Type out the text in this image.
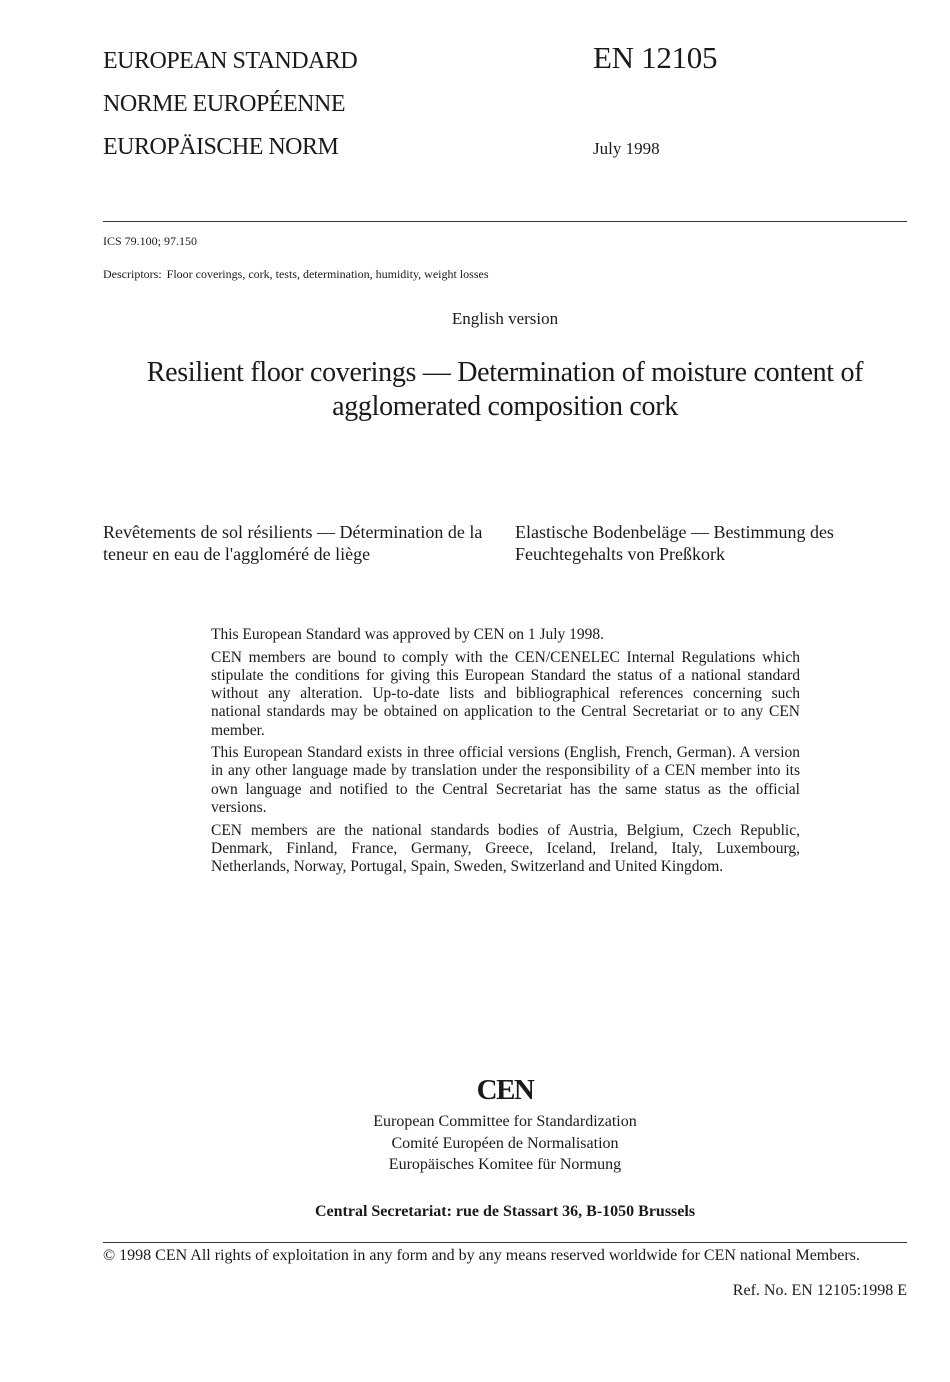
EUROPEAN STANDARD
NORME EUROPÉENNE
EUROPÄISCHE NORM
EN 12105
July 1998
ICS 79.100; 97.150
Descriptors: Floor coverings, cork, tests, determination, humidity, weight losses
English version
Resilient floor coverings — Determination of moisture content of agglomerated composition cork
Revêtements de sol résilients — Détermination de la teneur en eau de l'aggloméré de liège
Elastische Bodenbeläge — Bestimmung des Feuchtegehalts von Preßkork

This European Standard was approved by CEN on 1 July 1998.

CEN members are bound to comply with the CEN/CENELEC Internal Regulations which stipulate the conditions for giving this European Standard the status of a national standard without any alteration. Up-to-date lists and bibliographical references concerning such national standards may be obtained on application to the Central Secretariat or to any CEN member.

This European Standard exists in three official versions (English, French, German). A version in any other language made by translation under the responsibility of a CEN member into its own language and notified to the Central Secretariat has the same status as the official versions.

CEN members are the national standards bodies of Austria, Belgium, Czech Republic, Denmark, Finland, France, Germany, Greece, Iceland, Ireland, Italy, Luxembourg, Netherlands, Norway, Portugal, Spain, Sweden, Switzerland and United Kingdom.

CEN
European Committee for Standardization
Comité Européen de Normalisation
Europäisches Komitee für Normung
Central Secretariat: rue de Stassart 36, B-1050 Brussels
© 1998 CEN All rights of exploitation in any form and by any means reserved worldwide for CEN national Members.
Ref. No. EN 12105:1998 E
